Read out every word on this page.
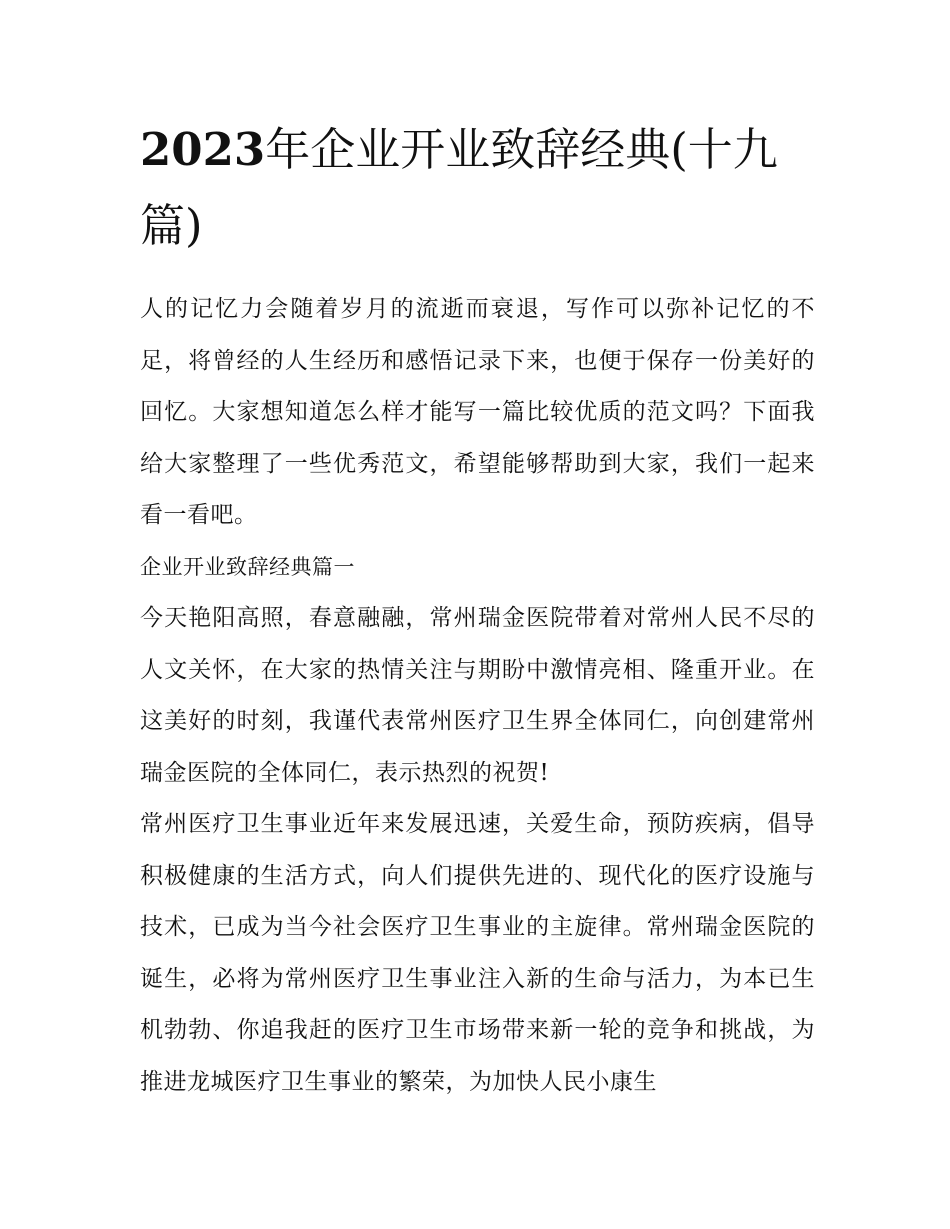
2023年企业开业致辞经典(十九篇)

人的记忆力会随着岁月的流逝而衰退，写作可以弥补记忆的不足，将曾经的人生经历和感悟记录下来，也便于保存一份美好的回忆。大家想知道怎么样才能写一篇比较优质的范文吗？下面我给大家整理了一些优秀范文，希望能够帮助到大家，我们一起来看一看吧。

企业开业致辞经典篇一

今天艳阳高照，春意融融，常州瑞金医院带着对常州人民不尽的人文关怀，在大家的热情关注与期盼中激情亮相、隆重开业。在这美好的时刻，我谨代表常州医疗卫生界全体同仁，向创建常州瑞金医院的全体同仁，表示热烈的祝贺!

常州医疗卫生事业近年来发展迅速，关爱生命，预防疾病，倡导积极健康的生活方式，向人们提供先进的、现代化的医疗设施与技术，已成为当今社会医疗卫生事业的主旋律。常州瑞金医院的诞生，必将为常州医疗卫生事业注入新的生命与活力，为本已生机勃勃、你追我赶的医疗卫生市场带来新一轮的竞争和挑战，为推进龙城医疗卫生事业的繁荣，为加快人民小康生
